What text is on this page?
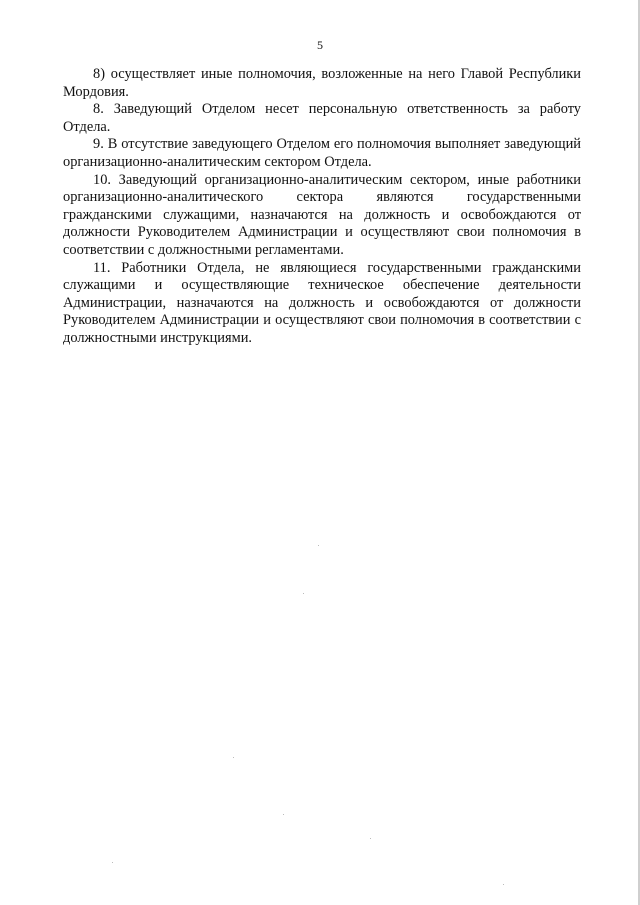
5

8) осуществляет иные полномочия, возложенные на него Главой Республики Мордовия.

8. Заведующий Отделом несет персональную ответственность за работу Отдела.

9. В отсутствие заведующего Отделом его полномочия выполняет заведующий организационно-аналитическим сектором Отдела.

10. Заведующий организационно-аналитическим сектором, иные работники организационно-аналитического сектора являются государственными гражданскими служащими, назначаются на должность и освобождаются от должности Руководителем Администрации и осуществляют свои полномочия в соответствии с должностными регламентами.

11. Работники Отдела, не являющиеся государственными гражданскими служащими и осуществляющие техническое обеспечение деятельности Администрации, назначаются на должность и освобождаются от должности Руководителем Администрации и осуществляют свои полномочия в соответствии с должностными инструкциями.
